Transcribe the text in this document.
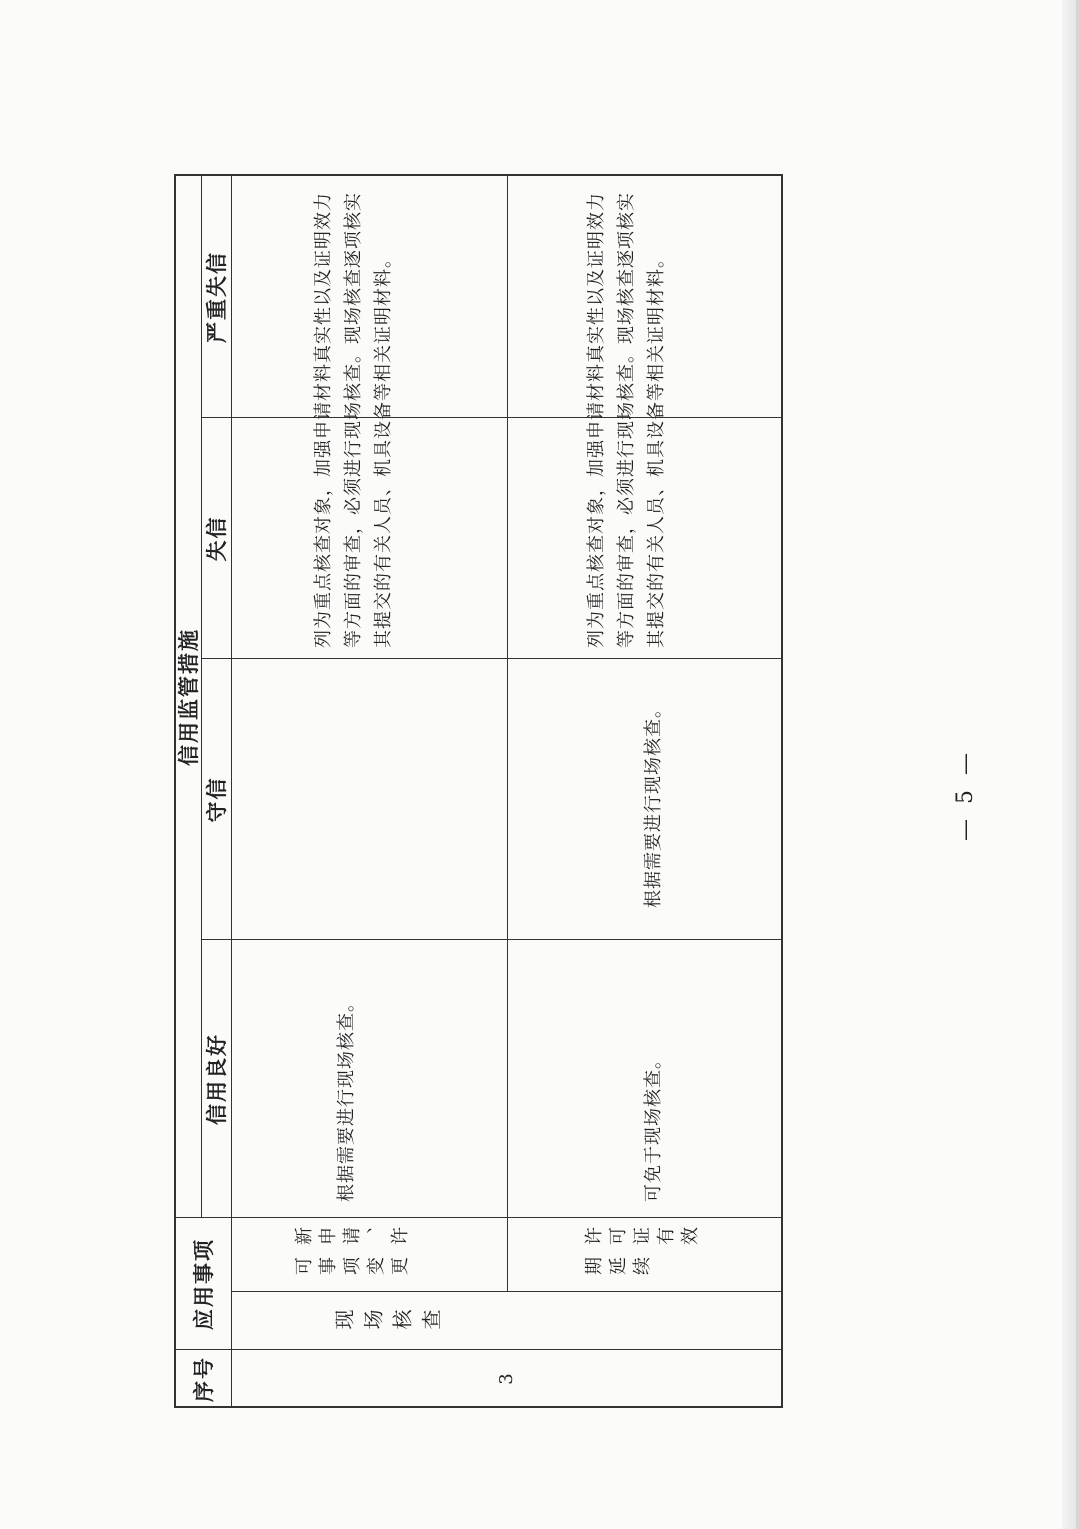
序号
应用事项
信用监管措施
信用良好
守信
失信
严重失信
3
现场核查
新申请、许可事项变更
根据需要进行现场核查。
列为重点核查对象，加强申请材料真实性以及证明效力等方面的审查，必须进行现场核查。现场核查逐项核实其提交的有关人员、机具设备等相关证明材料。
许可证有效期延续
可免于现场核查。
根据需要进行现场核查。
列为重点核查对象，加强申请材料真实性以及证明效力等方面的审查，必须进行现场核查。现场核查逐项核实其提交的有关人员、机具设备等相关证明材料。
— 5 —
